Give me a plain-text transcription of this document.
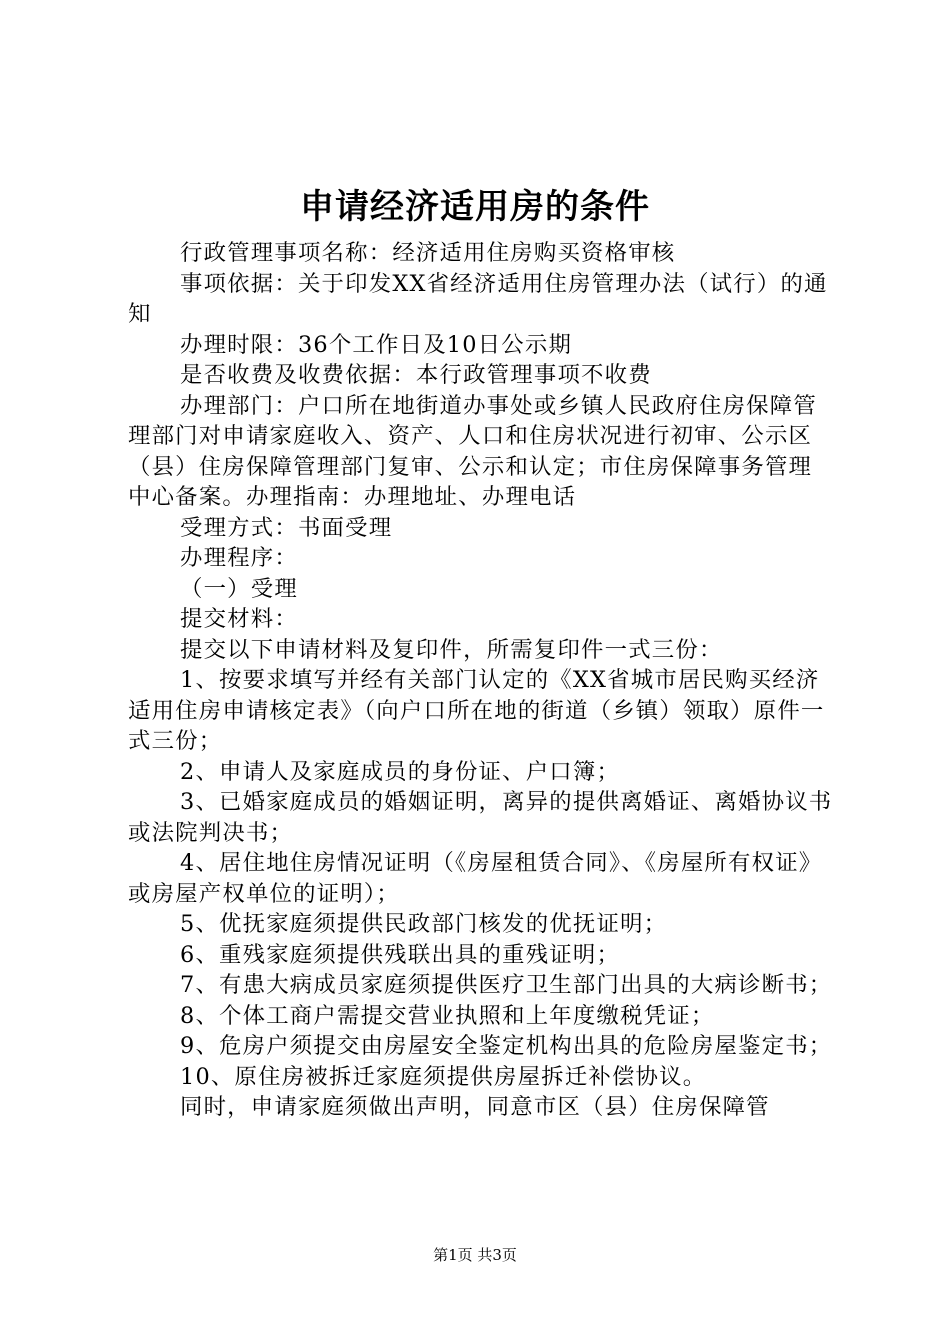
申请经济适用房的条件

行政管理事项名称：经济适用住房购买资格审核

事项依据：关于印发XX省经济适用住房管理办法（试行）的通知

办理时限：36个工作日及10日公示期

是否收费及收费依据：本行政管理事项不收费

办理部门：户口所在地街道办事处或乡镇人民政府住房保障管理部门对申请家庭收入、资产、人口和住房状况进行初审、公示区（县）住房保障管理部门复审、公示和认定；市住房保障事务管理中心备案。办理指南：办理地址、办理电话

受理方式：书面受理

办理程序：

（一）受理

提交材料：

提交以下申请材料及复印件，所需复印件一式三份：

1、按要求填写并经有关部门认定的《XX省城市居民购买经济适用住房申请核定表》（向户口所在地的街道（乡镇）领取）原件一式三份；

2、申请人及家庭成员的身份证、户口簿；

3、已婚家庭成员的婚姻证明，离异的提供离婚证、离婚协议书或法院判决书；

4、居住地住房情况证明（《房屋租赁合同》、《房屋所有权证》或房屋产权单位的证明）；

5、优抚家庭须提供民政部门核发的优抚证明；

6、重残家庭须提供残联出具的重残证明；

7、有患大病成员家庭须提供医疗卫生部门出具的大病诊断书；

8、个体工商户需提交营业执照和上年度缴税凭证；

9、危房户须提交由房屋安全鉴定机构出具的危险房屋鉴定书；

10、原住房被拆迁家庭须提供房屋拆迁补偿协议。

同时，申请家庭须做出声明，同意市区（县）住房保障管

第1页 共3页
